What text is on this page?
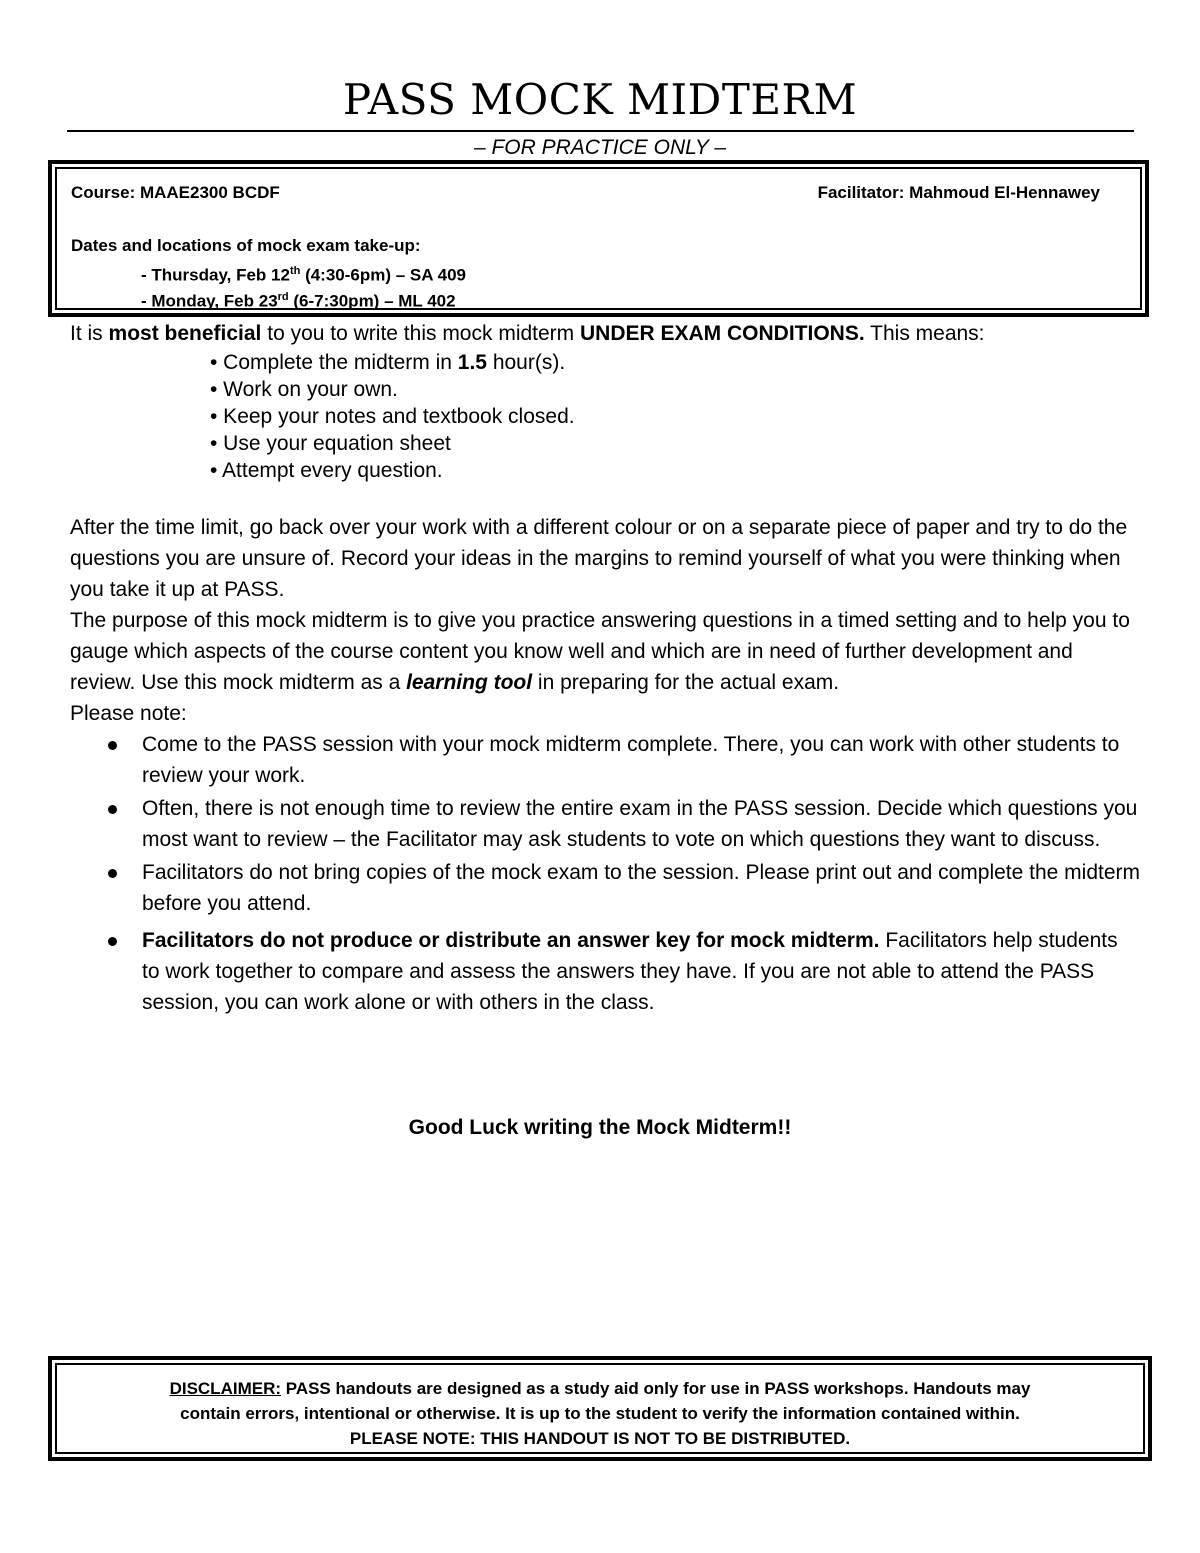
PASS MOCK MIDTERM
– FOR PRACTICE ONLY –
Course: MAAE2300 BCDF	Facilitator: Mahmoud El-Hennawey
Dates and locations of mock exam take-up:
- Thursday, Feb 12th (4:30-6pm) – SA 409
- Monday, Feb 23rd (6-7:30pm) – ML 402

It is most beneficial to you to write this mock midterm UNDER EXAM CONDITIONS. This means:

• Complete the midterm in 1.5 hour(s).
• Work on your own.
• Keep your notes and textbook closed.
• Use your equation sheet
• Attempt every question.

After the time limit, go back over your work with a different colour or on a separate piece of paper and try to do the questions you are unsure of. Record your ideas in the margins to remind yourself of what you were thinking when you take it up at PASS.

The purpose of this mock midterm is to give you practice answering questions in a timed setting and to help you to gauge which aspects of the course content you know well and which are in need of further development and review. Use this mock midterm as a learning tool in preparing for the actual exam.

Please note:

Come to the PASS session with your mock midterm complete. There, you can work with other students to review your work.
Often, there is not enough time to review the entire exam in the PASS session. Decide which questions you most want to review – the Facilitator may ask students to vote on which questions they want to discuss.
Facilitators do not bring copies of the mock exam to the session. Please print out and complete the midterm before you attend.
Facilitators do not produce or distribute an answer key for mock midterm. Facilitators help students to work together to compare and assess the answers they have. If you are not able to attend the PASS session, you can work alone or with others in the class.
Good Luck writing the Mock Midterm!!

DISCLAIMER: PASS handouts are designed as a study aid only for use in PASS workshops. Handouts may

contain errors, intentional or otherwise. It is up to the student to verify the information contained within.

PLEASE NOTE: THIS HANDOUT IS NOT TO BE DISTRIBUTED.
